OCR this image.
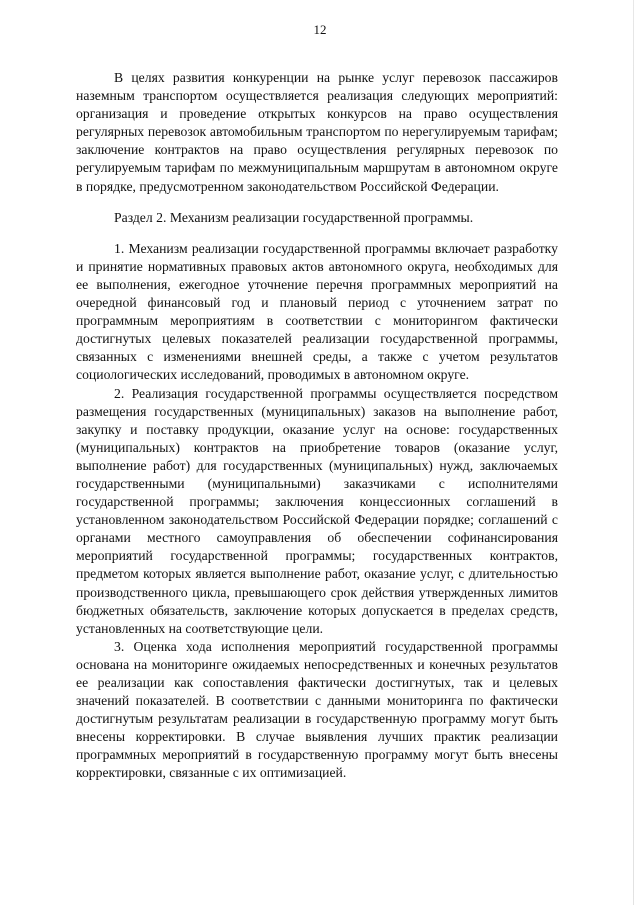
12

В целях развития конкуренции на рынке услуг перевозок пассажиров наземным транспортом осуществляется реализация следующих мероприятий: организация и проведение открытых конкурсов на право осуществления регулярных перевозок автомобильным транспортом по нерегулируемым тарифам; заключение контрактов на право осуществления регулярных перевозок по регулируемым тарифам по межмуниципальным маршрутам в автономном округе в порядке, предусмотренном законодательством Российской Федерации.

Раздел 2. Механизм реализации государственной программы.

1. Механизм реализации государственной программы включает разработку и принятие нормативных правовых актов автономного округа, необходимых для ее выполнения, ежегодное уточнение перечня программных мероприятий на очередной финансовый год и плановый период с уточнением затрат по программным мероприятиям в соответствии с мониторингом фактически достигнутых целевых показателей реализации государственной программы, связанных с изменениями внешней среды, а также с учетом результатов социологических исследований, проводимых в автономном округе.

2. Реализация государственной программы осуществляется посредством размещения государственных (муниципальных) заказов на выполнение работ, закупку и поставку продукции, оказание услуг на основе: государственных (муниципальных) контрактов на приобретение товаров (оказание услуг, выполнение работ) для государственных (муниципальных) нужд, заключаемых государственными (муниципальными) заказчиками с исполнителями государственной программы; заключения концессионных соглашений в установленном законодательством Российской Федерации порядке; соглашений с органами местного самоуправления об обеспечении софинансирования мероприятий государственной программы; государственных контрактов, предметом которых является выполнение работ, оказание услуг, с длительностью производственного цикла, превышающего срок действия утвержденных лимитов бюджетных обязательств, заключение которых допускается в пределах средств, установленных на соответствующие цели.

3. Оценка хода исполнения мероприятий государственной программы основана на мониторинге ожидаемых непосредственных и конечных результатов ее реализации как сопоставления фактически достигнутых, так и целевых значений показателей. В соответствии с данными мониторинга по фактически достигнутым результатам реализации в государственную программу могут быть внесены корректировки. В случае выявления лучших практик реализации программных мероприятий в государственную программу могут быть внесены корректировки, связанные с их оптимизацией.
